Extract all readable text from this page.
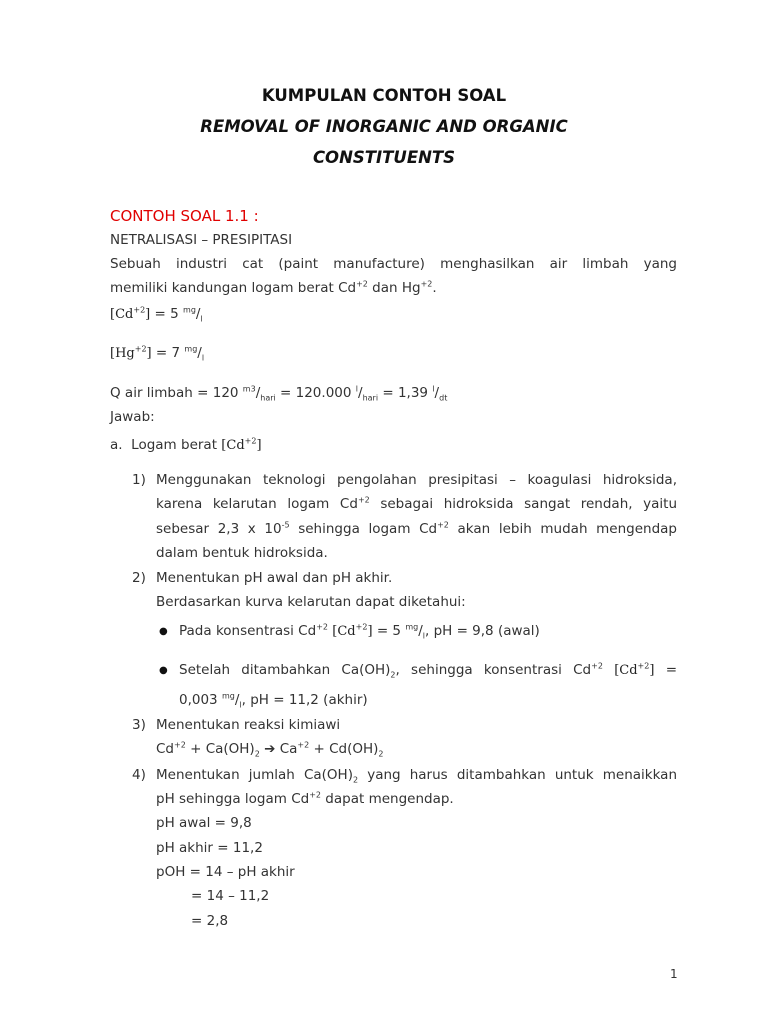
KUMPULAN CONTOH SOAL
REMOVAL OF INORGANIC AND ORGANIC
CONSTITUENTS
CONTOH SOAL 1.1 :
NETRALISASI – PRESIPITASI
Sebuah industri cat (paint manufacture) menghasilkan air limbah yang
memiliki kandungan logam berat $Cd^{+2}$ dan $Hg^{+2}$.
$[Cd^{+2}] = 5$ $^{mg}/_l$
$[Hg^{+2}] = 7$ $^{mg}/_l$
Q air limbah = 120 $^{m3}/_{hari} = 120.000$ $^l/_{hari} = 1,39$ $^l/_{dt}$
Jawab:
a. Logam berat $[Cd^{+2}]$
1) Menggunakan teknologi pengolahan presipitasi – koagulasi hidroksida,
karena kelarutan logam $Cd^{+2}$ sebagai hidroksida sangat rendah, yaitu
sebesar 2,3 x $10^{-5}$ sehingga logam $Cd^{+2}$ akan lebih mudah mengendap
dalam bentuk hidroksida.
2) Menentukan pH awal dan pH akhir.
Berdasarkan kurva kelarutan dapat diketahui:
● Pada konsentrasi $Cd^{+2}$ $[Cd^{+2}] = 5$ $^{mg}/_l$, pH = 9,8 (awal)
● Setelah ditambahkan $Ca(OH)_2$, sehingga konsentrasi $Cd^{+2}$ $[Cd^{+2}]$ =
0,003 $^{mg}/_l$, pH = 11,2 (akhir)
3) Menentukan reaksi kimiawi
$Cd^{+2} + Ca(OH)_2$ ➔ $Ca^{+2} + Cd(OH)_2$
4) Menentukan jumlah $Ca(OH)_2$ yang harus ditambahkan untuk menaikkan
pH sehingga logam $Cd^{+2}$ dapat mengendap.
pH awal = 9,8
pH akhir = 11,2
pOH = 14 – pH akhir
= 14 – 11,2
= 2,8
1
